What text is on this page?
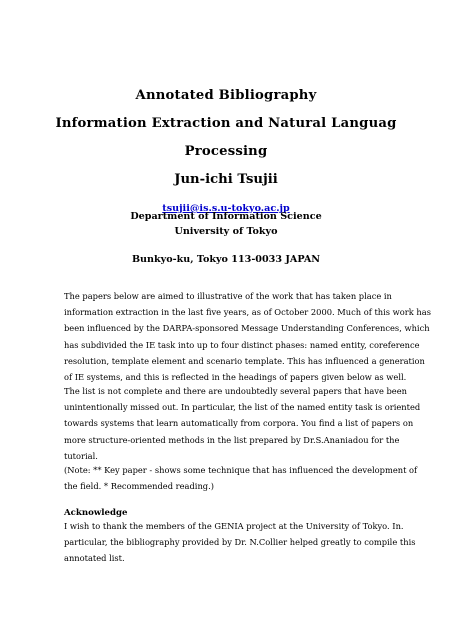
Annotated Bibliography
Information Extraction and Natural Languag
Processing
Jun-ichi Tsujii
tsujii@is.s.u-tokyo.ac.jp
Department of Information Science
University of Tokyo
Bunkyo-ku, Tokyo 113-0033 JAPAN
The papers below are aimed to illustrative of the work that has taken place in
information extraction in the last five years, as of October 2000. Much of this work has
been influenced by the DARPA-sponsored Message Understanding Conferences, which
has subdivided the IE task into up to four distinct phases: named entity, coreference
resolution, template element and scenario template. This has influenced a generation
of IE systems, and this is reflected in the headings of papers given below as well.
The list is not complete and there are undoubtedly several papers that have been
unintentionally missed out. In particular, the list of the named entity task is oriented
towards systems that learn automatically from corpora. You find a list of papers on
more structure-oriented methods in the list prepared by Dr.S.Ananiadou for the
tutorial.
(Note: ** Key paper - shows some technique that has influenced the development of
the field. * Recommended reading.)
Acknowledge
I wish to thank the members of the GENIA project at the University of Tokyo. In.
particular, the bibliography provided by Dr. N.Collier helped greatly to compile this
annotated list.
